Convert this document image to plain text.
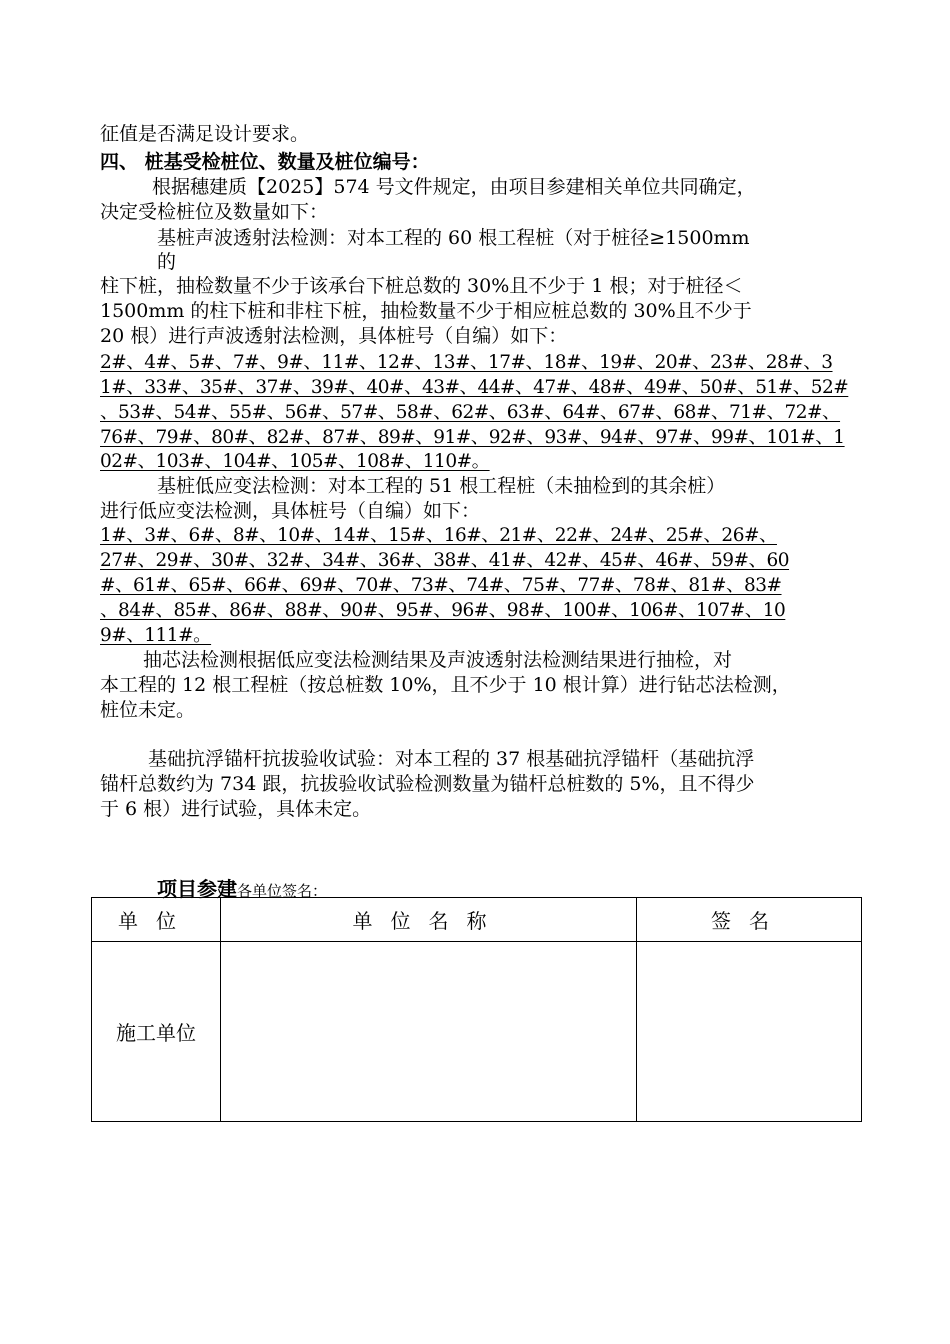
征值是否满足设计要求。
四、 桩基受检桩位、数量及桩位编号：
根据穗建质【2025】574 号文件规定，由项目参建相关单位共同确定，
决定受检桩位及数量如下：
基桩声波透射法检测：对本工程的 60 根工程桩（对于桩径≥1500mm
的
柱下桩，抽检数量不少于该承台下桩总数的 30%且不少于 1 根；对于桩径＜
1500mm 的柱下桩和非柱下桩，抽检数量不少于相应桩总数的 30%且不少于
20 根）进行声波透射法检测，具体桩号（自编）如下：
2#、4#、5#、7#、9#、11#、12#、13#、17#、18#、19#、20#、23#、28#、3
1#、33#、35#、37#、39#、40#、43#、44#、47#、48#、49#、50#、51#、52#
、53#、54#、55#、56#、57#、58#、62#、63#、64#、67#、68#、71#、72#、
76#、79#、80#、82#、87#、89#、91#、92#、93#、94#、97#、99#、101#、1
02#、103#、104#、105#、108#、110#。
基桩低应变法检测：对本工程的 51 根工程桩（未抽检到的其余桩）
进行低应变法检测，具体桩号（自编）如下：
1#、3#、6#、8#、10#、14#、15#、16#、21#、22#、24#、25#、26#、
27#、29#、30#、32#、34#、36#、38#、41#、42#、45#、46#、59#、60
#、61#、65#、66#、69#、70#、73#、74#、75#、77#、78#、81#、83#
、84#、85#、86#、88#、90#、95#、96#、98#、100#、106#、107#、10
9#、111#。
抽芯法检测根据低应变法检测结果及声波透射法检测结果进行抽检，对
本工程的 12 根工程桩（按总桩数 10%，且不少于 10 根计算）进行钻芯法检测，
桩位未定。
基础抗浮锚杆抗拔验收试验：对本工程的 37 根基础抗浮锚杆（基础抗浮
锚杆总数约为 734 跟，抗拔验收试验检测数量为锚杆总桩数的 5%，且不得少
于 6 根）进行试验，具体未定。
项目参建各单位签名：
单位	单位名称	签名
施工单位		
